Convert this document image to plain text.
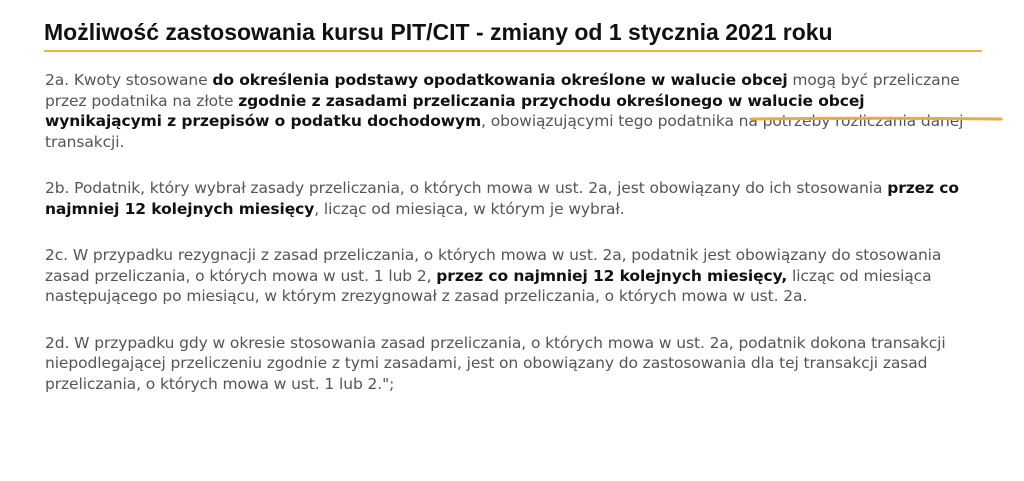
Możliwość zastosowania kursu PIT/CIT - zmiany od 1 stycznia 2021 roku

2a. Kwoty stosowane do określenia podstawy opodatkowania określone w walucie obcej mogą być przeliczane przez podatnika na złote zgodnie z zasadami przeliczania przychodu określonego w walucie obcej wynikającymi z przepisów o podatku dochodowym, obowiązującymi tego podatnika na potrzeby rozliczania danej transakcji.

2b. Podatnik, który wybrał zasady przeliczania, o których mowa w ust. 2a, jest obowiązany do ich stosowania przez co najmniej 12 kolejnych miesięcy, licząc od miesiąca, w którym je wybrał.

2c. W przypadku rezygnacji z zasad przeliczania, o których mowa w ust. 2a, podatnik jest obowiązany do stosowania zasad przeliczania, o których mowa w ust. 1 lub 2, przez co najmniej 12 kolejnych miesięcy, licząc od miesiąca następującego po miesiącu, w którym zrezygnował z zasad przeliczania, o których mowa w ust. 2a.

2d. W przypadku gdy w okresie stosowania zasad przeliczania, o których mowa w ust. 2a, podatnik dokona transakcji niepodlegającej przeliczeniu zgodnie z tymi zasadami, jest on obowiązany do zastosowania dla tej transakcji zasad przeliczania, o których mowa w ust. 1 lub 2.";
